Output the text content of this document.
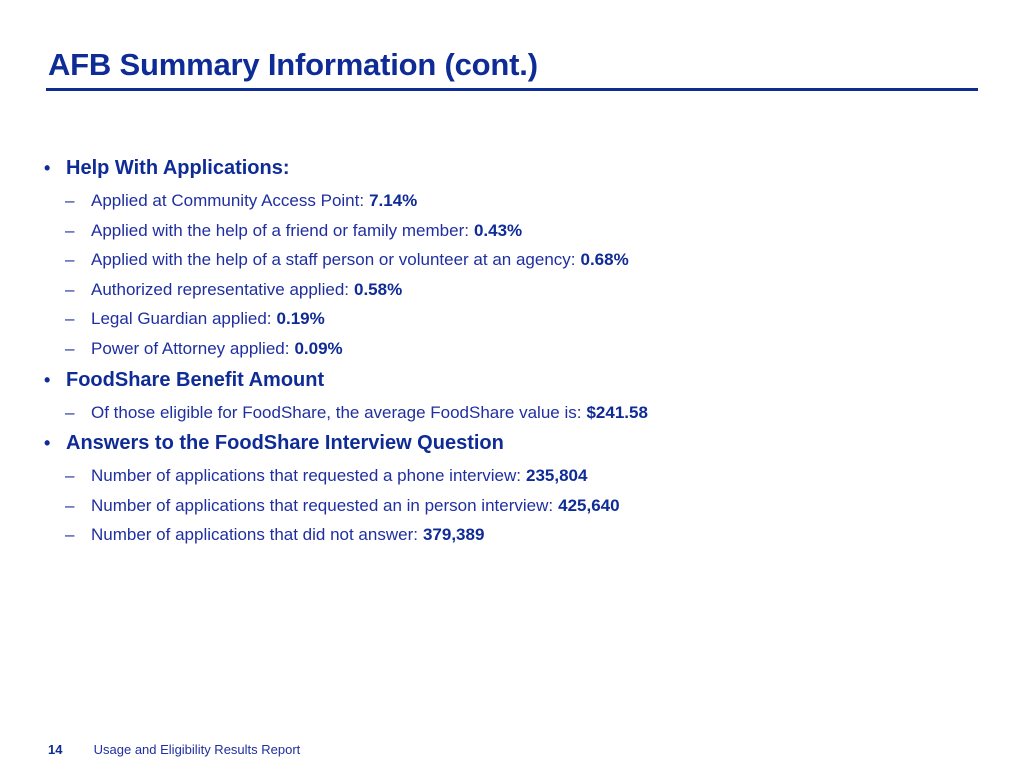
AFB Summary Information (cont.)
• Help With Applications:
– Applied at Community Access Point: 7.14%
– Applied with the help of a friend or family member: 0.43%
– Applied with the help of a staff person or volunteer at an agency: 0.68%
– Authorized representative applied: 0.58%
– Legal Guardian applied: 0.19%
– Power of Attorney applied: 0.09%
• FoodShare Benefit Amount
– Of those eligible for FoodShare, the average FoodShare value is: $241.58
• Answers to the FoodShare Interview Question
– Number of applications that requested a phone interview: 235,804
– Number of applications that requested an in person interview: 425,640
– Number of applications that did not answer: 379,389
14 Usage and Eligibility Results Report
